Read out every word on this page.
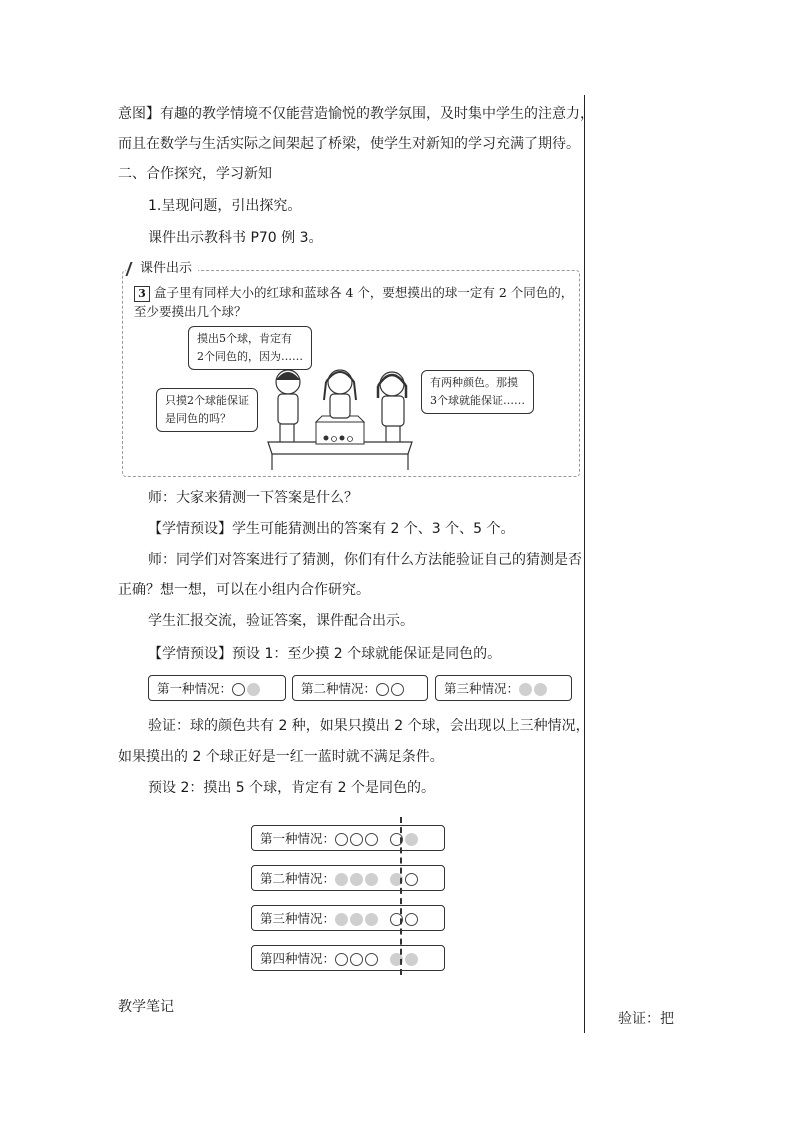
意图】有趣的教学情境不仅能营造愉悦的教学氛围，及时集中学生的注意力，
而且在数学与生活实际之间架起了桥梁，使学生对新知的学习充满了期待。
二、合作探究，学习新知
1.呈现问题，引出探究。
课件出示教科书 P70 例 3。
课件出示
3 盒子里有同样大小的红球和蓝球各 4 个，要想摸出的球一定有 2 个同色的，
至少要摸出几个球？
摸出5个球，肯定有
2个同色的，因为……
只摸2个球能保证
是同色的吗？
有两种颜色。那摸
3个球就能保证……
师：大家来猜测一下答案是什么？
【学情预设】学生可能猜测出的答案有 2 个、3 个、5 个。
师：同学们对答案进行了猜测，你们有什么方法能验证自己的猜测是否
正确？想一想，可以在小组内合作研究。
学生汇报交流，验证答案，课件配合出示。
【学情预设】预设 1：至少摸 2 个球就能保证是同色的。
第一种情况：	第二种情况：	第三种情况：
验证：球的颜色共有 2 种，如果只摸出 2 个球，会出现以上三种情况，
如果摸出的 2 个球正好是一红一蓝时就不满足条件。
预设 2：摸出 5 个球，肯定有 2 个是同色的。
第一种情况：
第二种情况：
第三种情况：
第四种情况：
教学笔记
验证：把
